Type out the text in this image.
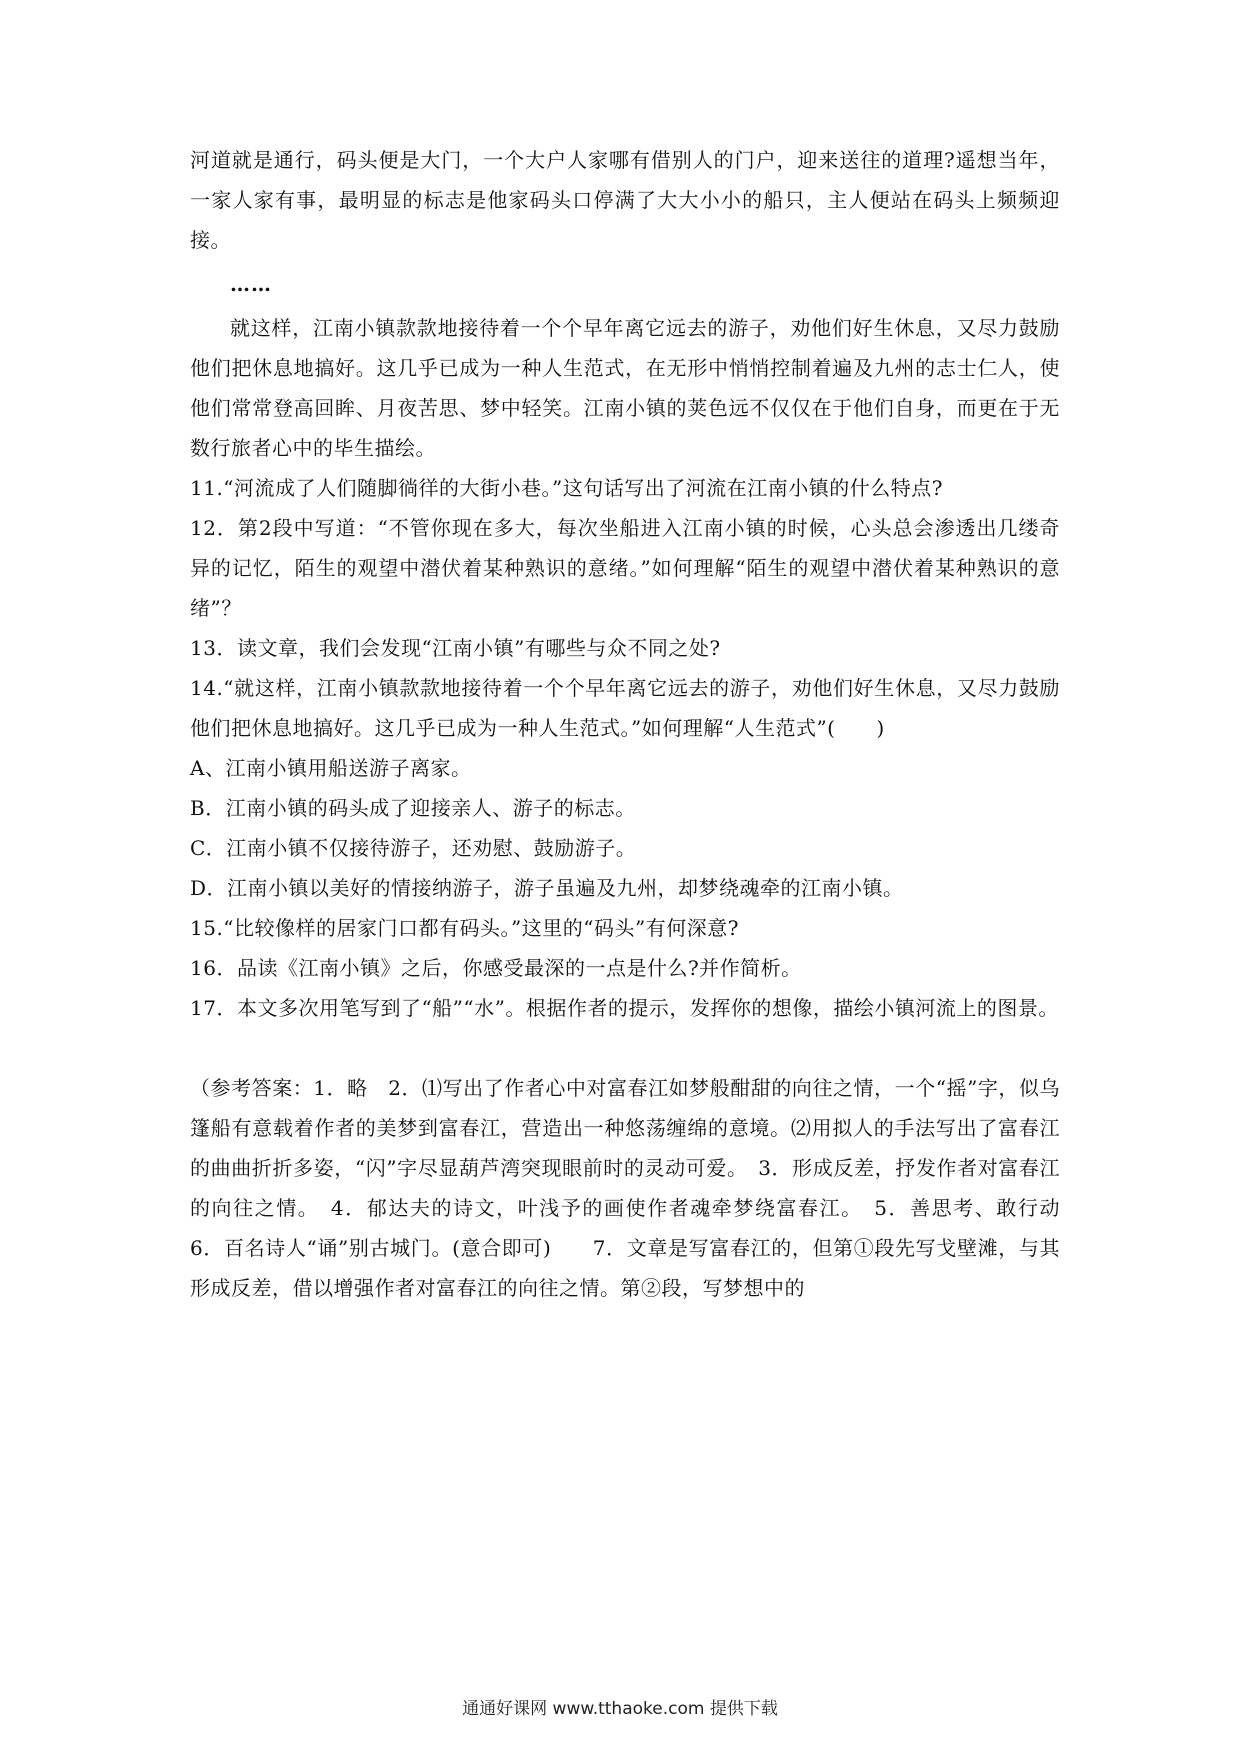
河道就是通行，码头便是大门，一个大户人家哪有借别人的门户，迎来送往的道理?遥想当年，一家人家有事，最明显的标志是他家码头口停满了大大小小的船只，主人便站在码头上频频迎接。

……

就这样，江南小镇款款地接待着一个个早年离它远去的游子，劝他们好生休息，又尽力鼓励他们把休息地搞好。这几乎已成为一种人生范式，在无形中悄悄控制着遍及九州的志士仁人，使他们常常登高回眸、月夜苦思、梦中轻笑。江南小镇的荚色远不仅仅在于他们自身，而更在于无数行旅者心中的毕生描绘。

11.“河流成了人们随脚徜徉的大街小巷。”这句话写出了河流在江南小镇的什么特点?

12．第2段中写道：“不管你现在多大，每次坐船进入江南小镇的时候，心头总会渗透出几缕奇异的记忆，陌生的观望中潜伏着某种熟识的意绪。”如何理解“陌生的观望中潜伏着某种熟识的意绪”？

13．读文章，我们会发现“江南小镇”有哪些与众不同之处?

14.“就这样，江南小镇款款地接待着一个个早年离它远去的游子，劝他们好生休息，又尽力鼓励他们把休息地搞好。这几乎已成为一种人生范式。”如何理解“人生范式”(　　)

A、江南小镇用船送游子离家。

B．江南小镇的码头成了迎接亲人、游子的标志。

C．江南小镇不仅接待游子，还劝慰、鼓励游子。

D．江南小镇以美好的情接纳游子，游子虽遍及九州，却梦绕魂牵的江南小镇。

15.“比较像样的居家门口都有码头。”这里的“码头”有何深意?

16．品读《江南小镇》之后，你感受最深的一点是什么?并作简析。

17．本文多次用笔写到了“船”“水”。根据作者的提示，发挥你的想像，描绘小镇河流上的图景。

（参考答案：1．略　2．⑴写出了作者心中对富春江如梦般酣甜的向往之情，一个“摇”字，似乌篷船有意载着作者的美梦到富春江，营造出一种悠荡缠绵的意境。⑵用拟人的手法写出了富春江的曲曲折折多姿，“闪”字尽显葫芦湾突现眼前时的灵动可爱。　3．形成反差，抒发作者对富春江的向往之情。　4．郁达夫的诗文，叶浅予的画使作者魂牵梦绕富春江。　5．善思考、敢行动　6．百名诗人“诵”别古城门。(意合即可)　　7．文章是写富春江的，但第①段先写戈壁滩，与其形成反差，借以增强作者对富春江的向往之情。第②段，写梦想中的

通通好课网 www.tthaoke.com 提供下载
